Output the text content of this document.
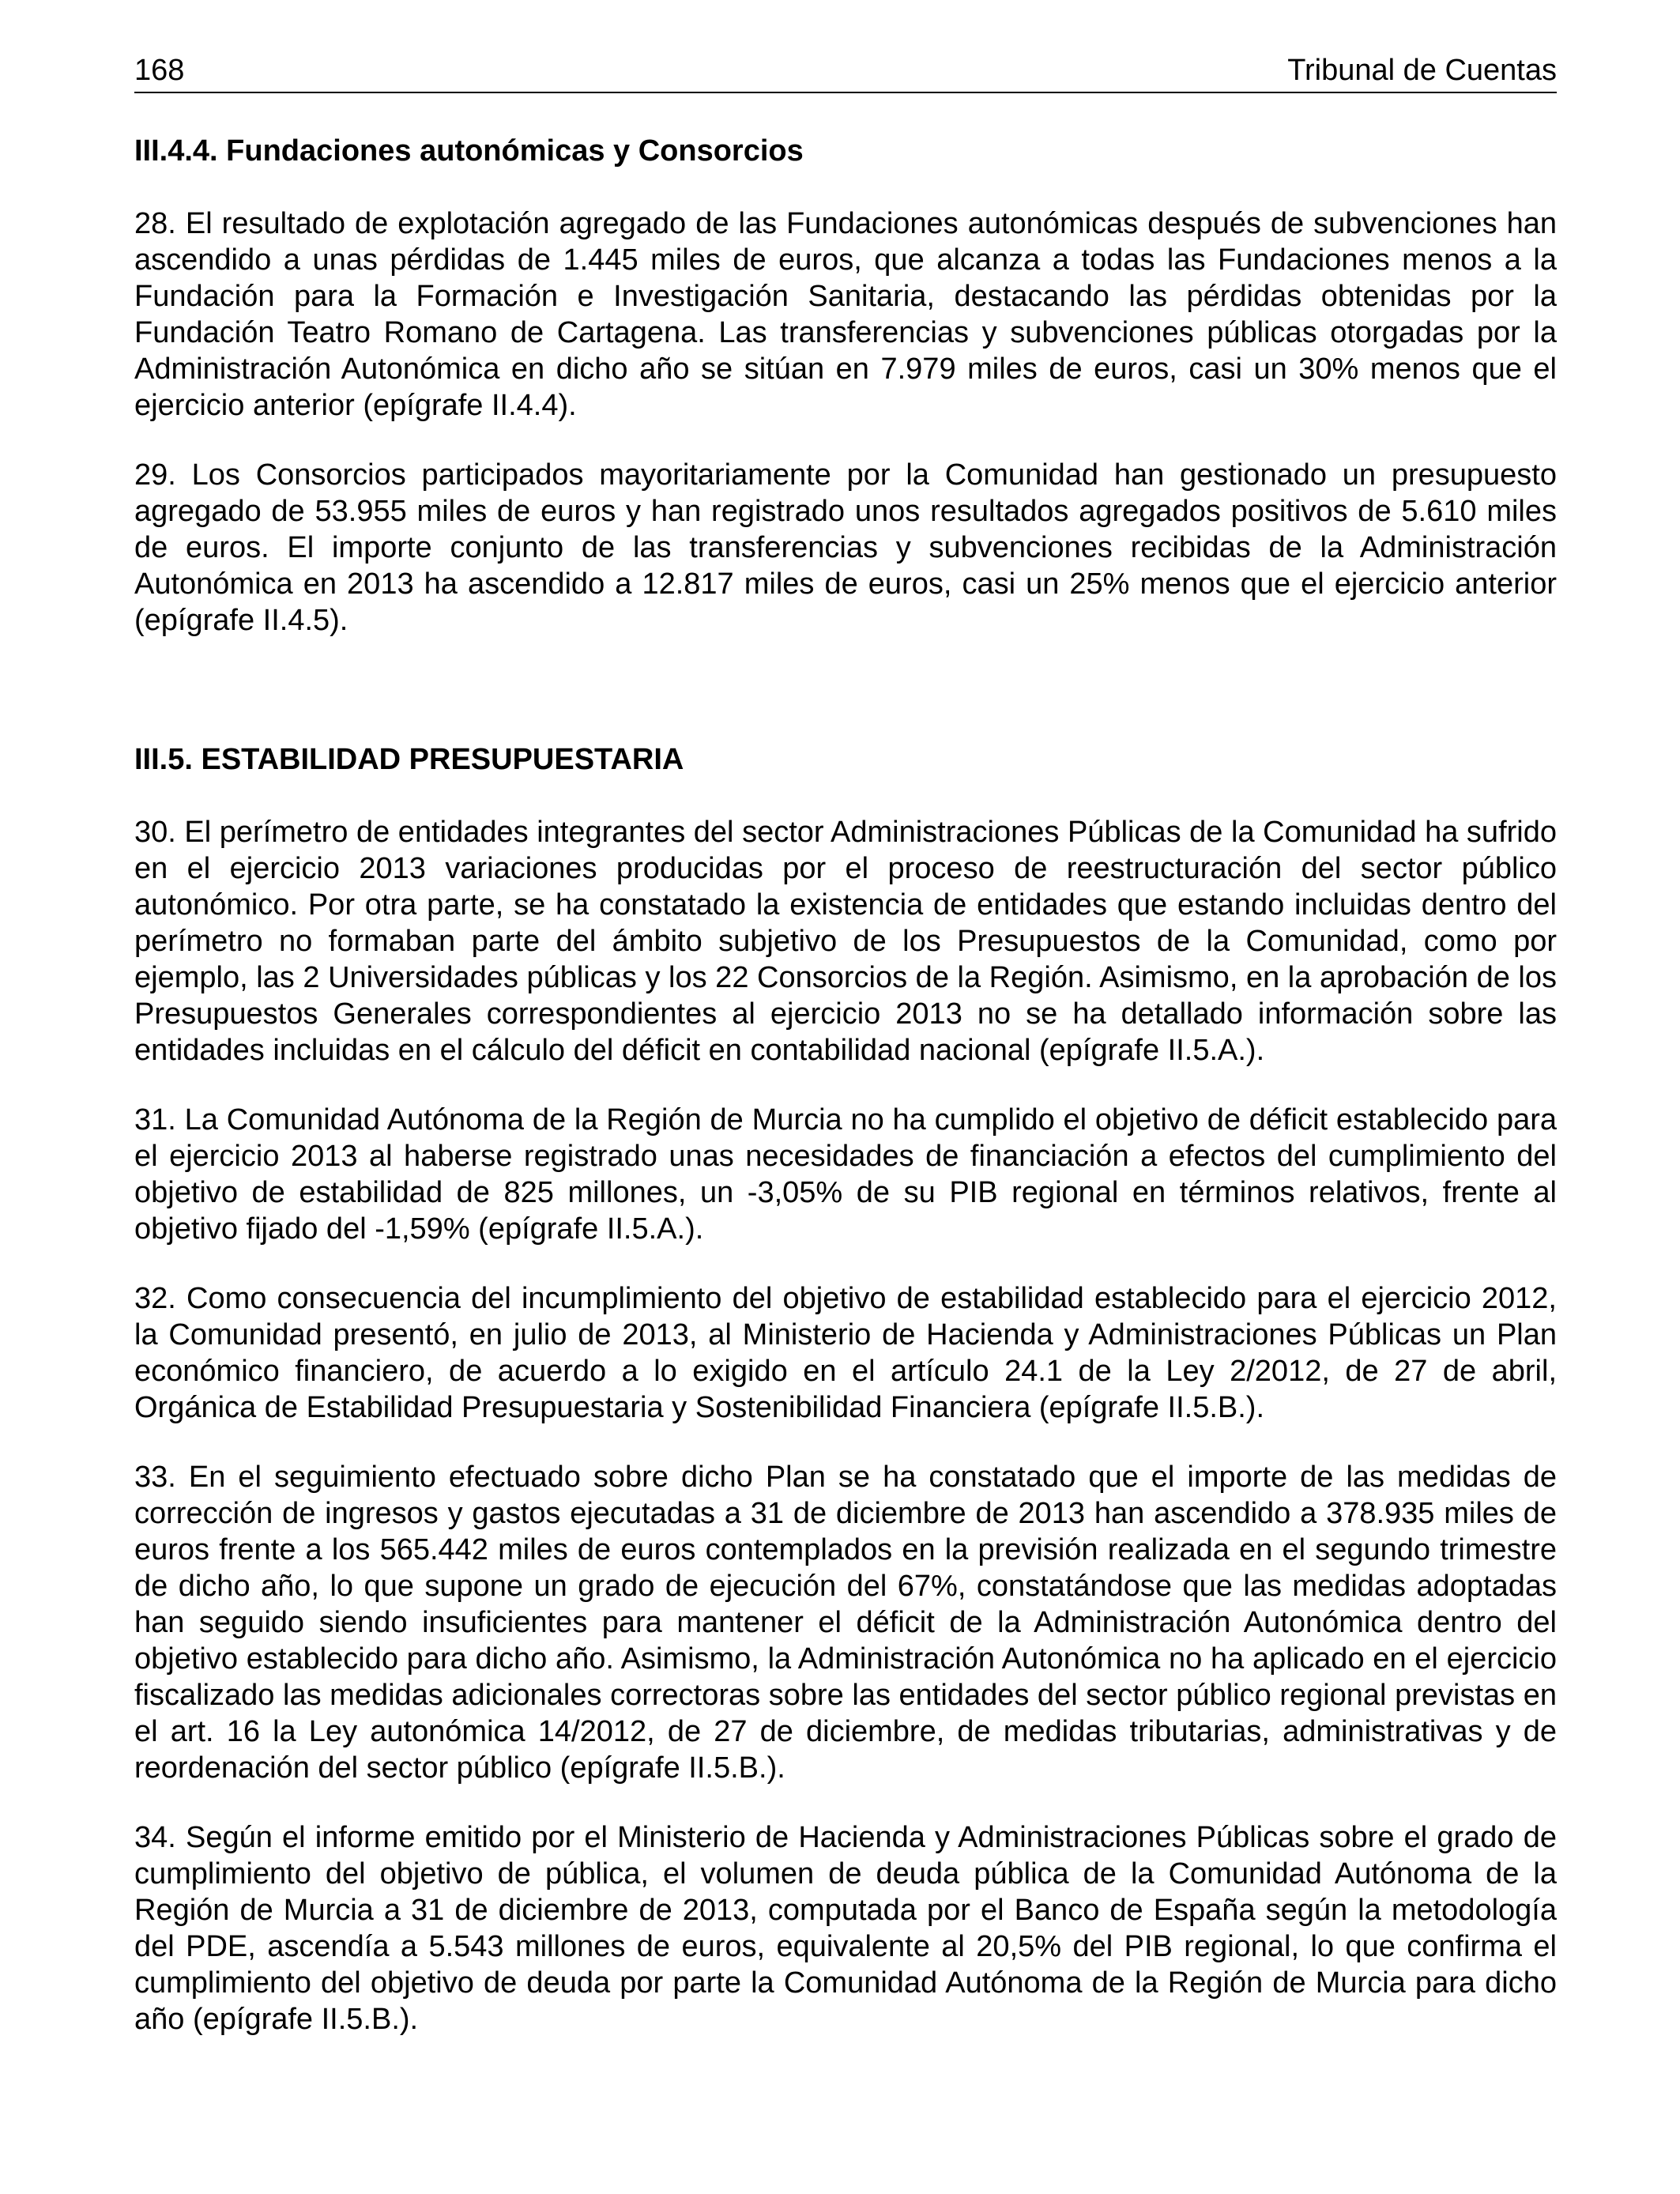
168	Tribunal de Cuentas
III.4.4. Fundaciones autonómicas y Consorcios

28. El resultado de explotación agregado de las Fundaciones autonómicas después de subvenciones han ascendido a unas pérdidas de 1.445 miles de euros, que alcanza a todas las Fundaciones menos a la Fundación para la Formación e Investigación Sanitaria, destacando las pérdidas obtenidas por la Fundación Teatro Romano de Cartagena. Las transferencias y subvenciones públicas otorgadas por la Administración Autonómica en dicho año se sitúan en 7.979 miles de euros, casi un 30% menos que el ejercicio anterior (epígrafe II.4.4).

29. Los Consorcios participados mayoritariamente por la Comunidad han gestionado un presupuesto agregado de 53.955 miles de euros y han registrado unos resultados agregados positivos de 5.610 miles de euros. El importe conjunto de las transferencias y subvenciones recibidas de la Administración Autonómica en 2013 ha ascendido a 12.817 miles de euros, casi un 25% menos que el ejercicio anterior (epígrafe II.4.5).

III.5. ESTABILIDAD PRESUPUESTARIA

30. El perímetro de entidades integrantes del sector Administraciones Públicas de la Comunidad ha sufrido en el ejercicio 2013 variaciones producidas por el proceso de reestructuración del sector público autonómico. Por otra parte, se ha constatado la existencia de entidades que estando incluidas dentro del perímetro no formaban parte del ámbito subjetivo de los Presupuestos de la Comunidad, como por ejemplo, las 2 Universidades públicas y los 22 Consorcios de la Región. Asimismo, en la aprobación de los Presupuestos Generales correspondientes al ejercicio 2013 no se ha detallado información sobre las entidades incluidas en el cálculo del déficit en contabilidad nacional (epígrafe II.5.A.).

31. La Comunidad Autónoma de la Región de Murcia no ha cumplido el objetivo de déficit establecido para el ejercicio 2013 al haberse registrado unas necesidades de financiación a efectos del cumplimiento del objetivo de estabilidad de 825 millones, un -3,05% de su PIB regional en términos relativos, frente al objetivo fijado del -1,59% (epígrafe II.5.A.).

32. Como consecuencia del incumplimiento del objetivo de estabilidad establecido para el ejercicio 2012, la Comunidad presentó, en julio de 2013, al Ministerio de Hacienda y Administraciones Públicas un Plan económico financiero, de acuerdo a lo exigido en el artículo 24.1 de la Ley 2/2012, de 27 de abril, Orgánica de Estabilidad Presupuestaria y Sostenibilidad Financiera (epígrafe II.5.B.).

33. En el seguimiento efectuado sobre dicho Plan se ha constatado que el importe de las medidas de corrección de ingresos y gastos ejecutadas a 31 de diciembre de 2013 han ascendido a 378.935 miles de euros frente a los 565.442 miles de euros contemplados en la previsión realizada en el segundo trimestre de dicho año, lo que supone un grado de ejecución del 67%, constatándose que las medidas adoptadas han seguido siendo insuficientes para mantener el déficit de la Administración Autonómica dentro del objetivo establecido para dicho año. Asimismo, la Administración Autonómica no ha aplicado en el ejercicio fiscalizado las medidas adicionales correctoras sobre las entidades del sector público regional previstas en el art. 16 la Ley autonómica 14/2012, de 27 de diciembre, de medidas tributarias, administrativas y de reordenación del sector público (epígrafe II.5.B.).

34. Según el informe emitido por el Ministerio de Hacienda y Administraciones Públicas sobre el grado de cumplimiento del objetivo de pública, el volumen de deuda pública de la Comunidad Autónoma de la Región de Murcia a 31 de diciembre de 2013, computada por el Banco de España según la metodología del PDE, ascendía a 5.543 millones de euros, equivalente al 20,5% del PIB regional, lo que confirma el cumplimiento del objetivo de deuda por parte la Comunidad Autónoma de la Región de Murcia para dicho año (epígrafe II.5.B.).
